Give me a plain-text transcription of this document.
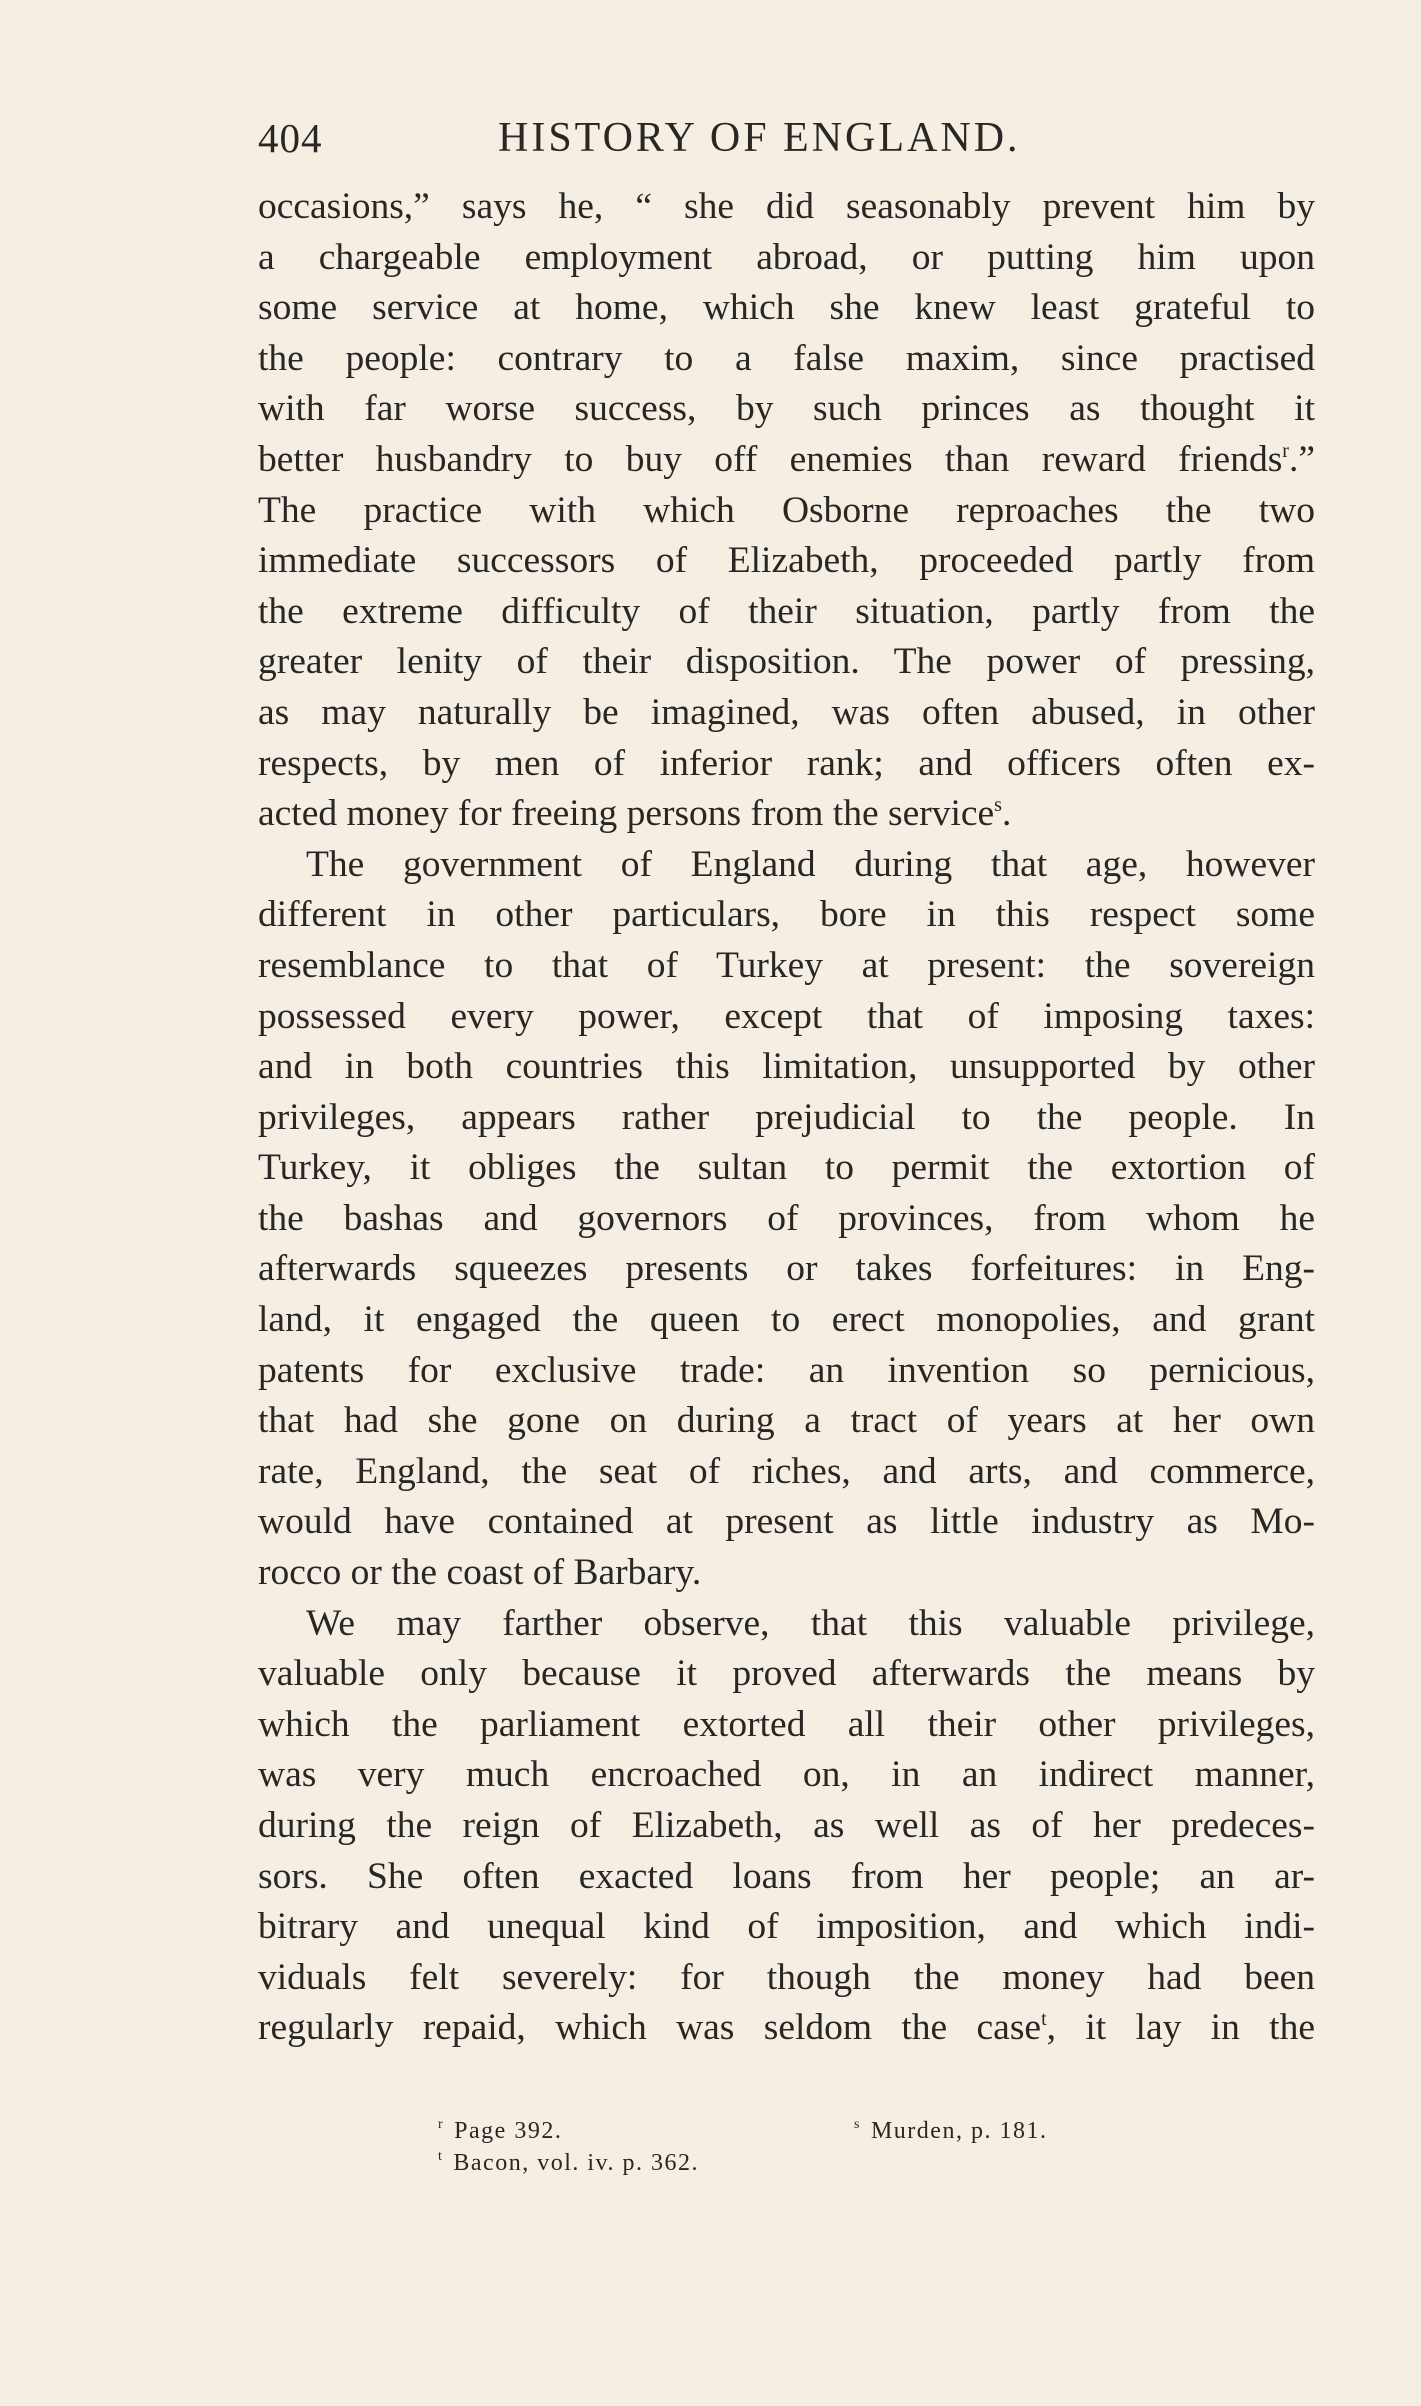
404	HISTORY OF ENGLAND.
occasions,” says he, “ she did seasonably prevent him by
a chargeable employment abroad, or putting him upon
some service at home, which she knew least grateful to
the people: contrary to a false maxim, since practised
with far worse success, by such princes as thought it
better husbandry to buy off enemies than reward friends$^r$.”
The practice with which Osborne reproaches the two
immediate successors of Elizabeth, proceeded partly from
the extreme difficulty of their situation, partly from the
greater lenity of their disposition. The power of pressing,
as may naturally be imagined, was often abused, in other
respects, by men of inferior rank; and officers often ex-
acted money for freeing persons from the service$^s$.
The government of England during that age, however
different in other particulars, bore in this respect some
resemblance to that of Turkey at present: the sovereign
possessed every power, except that of imposing taxes:
and in both countries this limitation, unsupported by other
privileges, appears rather prejudicial to the people. In
Turkey, it obliges the sultan to permit the extortion of
the bashas and governors of provinces, from whom he
afterwards squeezes presents or takes forfeitures: in Eng-
land, it engaged the queen to erect monopolies, and grant
patents for exclusive trade: an invention so pernicious,
that had she gone on during a tract of years at her own
rate, England, the seat of riches, and arts, and commerce,
would have contained at present as little industry as Mo-
rocco or the coast of Barbary.
We may farther observe, that this valuable privilege,
valuable only because it proved afterwards the means by
which the parliament extorted all their other privileges,
was very much encroached on, in an indirect manner,
during the reign of Elizabeth, as well as of her predeces-
sors. She often exacted loans from her people; an ar-
bitrary and unequal kind of imposition, and which indi-
viduals felt severely: for though the money had been
regularly repaid, which was seldom the case$^t$, it lay in the
$^r$ Page 392.	$^s$ Murden, p. 181.
$^t$ Bacon, vol. iv. p. 362.
